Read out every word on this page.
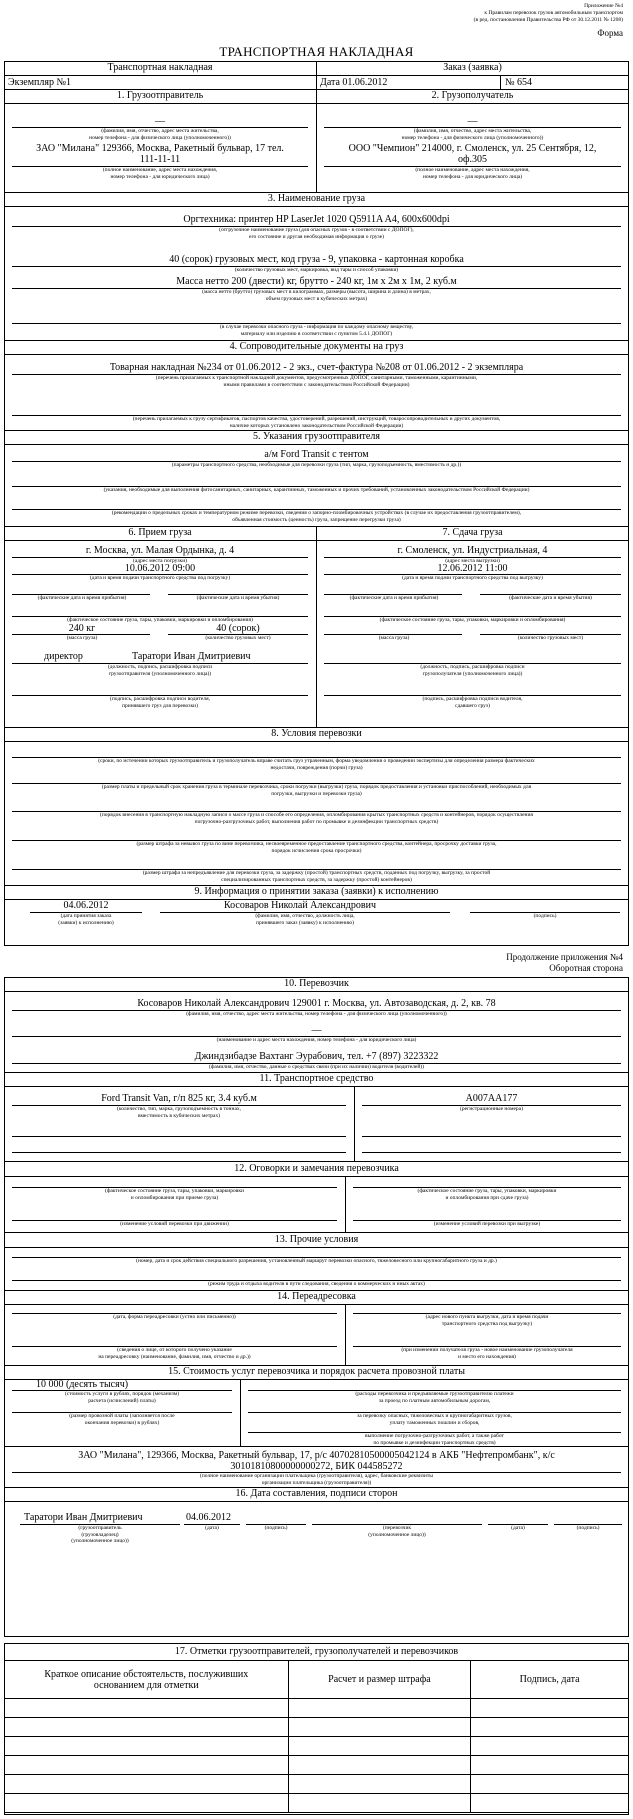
Приложение №4
к Правилам перевозок грузов автомобильным транспортом
(в ред. постановления Правительства РФ от 30.12.2011 № 1208)
Форма
ТРАНСПОРТНАЯ НАКЛАДНАЯ
Транспортная накладная	Заказ (заявка)
Экземпляр №1	Дата 01.06.2012	№ 654
1. Грузоотправитель	2. Грузополучатель
—
(фамилия, имя, отчество, адрес места жительства,
номер телефона - для физического лица (уполномоченного))
ЗАО "Милана" 129366, Москва, Ракетный бульвар, 17 тел.
111-11-11
(полное наименование, адрес места нахождения,
номер телефона - для юридического лица)
—
(фамилия, имя, отчество, адрес места жительства,
номер телефона - для физического лица (уполномоченного))
ООО "Чемпион" 214000, г. Смоленск, ул. 25 Сентября, 12,
оф.305
(полное наименование, адрес места нахождения,
номер телефона - для юридического лица)
3. Наименование груза
Оргтехника: принтер HP LaserJet 1020 Q5911A A4, 600x600dpi
(отгрузочное наименование груза (для опасных грузов - в соответствии с ДОПОГ),
его состояние и другая необходимая информация о грузе)
40 (сорок) грузовых мест, код груза - 9, упаковка - картонная коробка
(количество грузовых мест, маркировка, вид тары и способ упаковки)
Масса нетто 200 (двести) кг, брутто - 240 кг, 1м x 2м x 1м, 2 куб.м
(масса нетто (брутто) грузовых мест в килограммах, размеры (высота, ширина и длина) в метрах,
объем грузовых мест в кубических метрах)
(в случае перевозки опасного груза - информация по каждому опасному веществу,
материалу или изделию в соответствии с пунктом 5.4.1 ДОПОГ)
4. Сопроводительные документы на груз
Товарная накладная №234 от 01.06.2012 - 2 экз., счет-фактура №208 от 01.06.2012 - 2 экземпляра
(перечень прилагаемых к транспортной накладной документов, предусмотренных ДОПОГ, санитарными, таможенными, карантинными,
иными правилами в соответствии с законодательством Российской Федерации)
(перечень прилагаемых к грузу сертификатов, паспортов качества, удостоверений, разрешений, инструкций, товаросопроводительных и других документов,
наличие которых установлено законодательством Российской Федерации)
5. Указания грузоотправителя
а/м Ford Transit с тентом
(параметры транспортного средства, необходимые для перевозки груза (тип, марка, грузоподъемность, вместимость и др.))
(указания, необходимые для выполнения фитосанитарных, санитарных, карантинных, таможенных и прочих требований, установленных законодательством Российской Федерации)
(рекомендации о предельных сроках и температурном режиме перевозки, сведения о запорно-пломбировочных устройствах (в случае их предоставления грузоотправителем),
объявленная стоимость (ценность) груза, запрещение перегрузки груза)
6. Прием груза	7. Сдача груза
г. Москва, ул. Малая Ордынка, д. 4
(адрес места погрузки)
10.06.2012 09:00
(дата и время подачи транспортного средства под погрузку)
(фактические дата и время прибытия)	(фактические дата и время убытия)
(фактическое состояние груза, тары, упаковки, маркировки и опломбирования)
240 кг	40 (сорок)
(масса груза)	(количество грузовых мест)
директор	Таратори Иван Дмитриевич
(должность, подпись, расшифровка подписи
грузоотправителя (уполномоченного лица))
(подпись, расшифровка подписи водителя,
принявшего груз для перевозки)
г. Смоленск, ул. Индустриальная, 4
(адрес места выгрузки)
12.06.2012 11:00
(дата и время подачи транспортного средства под выгрузку)
(фактические дата и время прибытия)	(фактические дата и время убытия)
(фактическое состояние груза, тары, упаковки, маркировки и опломбирования)
(масса груза)	(количество грузовых мест)
(должность, подпись, расшифровка подписи
грузополучателя (уполномоченного лица))
(подпись, расшифровка подписи водителя,
сдавшего груз)
8. Условия перевозки
(сроки, по истечении которых грузоотправитель и грузополучатель вправе считать груз утраченным, форма уведомления о проведении экспертизы для определения размера фактических
недостачи, повреждения (порчи) груза)
(размер платы и предельный срок хранения груза в терминале перевозчика, сроки погрузки (выгрузки) груза, порядок предоставления и установки приспособлений, необходимых для
погрузки, выгрузки и перевозки груза)
(порядок внесения в транспортную накладную записи о массе груза и способе его определения, опломбирования крытых транспортных средств и контейнеров, порядок осуществления
погрузочно-разгрузочных работ, выполнения работ по промывке и дезинфекции транспортных средств)
(размер штрафа за невывоз груза по вине перевозчика, несвоевременное предоставление транспортного средства, контейнера, просрочку доставки груза,
порядок исчисления срока просрочки)
(размер штрафа за непредъявление для перевозки груза, за задержку (простой) транспортных средств, поданных под погрузку, выгрузку, за простой
специализированных транспортных средств, за задержку (простой) контейнеров)
9. Информация о принятии заказа (заявки) к исполнению
04.06.2012	Косоваров Николай Александрович
(дата принятия заказа
(заявки) к исполнению)
(фамилия, имя, отчество, должность лица,
принявшего заказ (заявку) к исполнению)
(подпись)
Продолжение приложения №4
Оборотная сторона
10. Перевозчик
Косоваров Николай Александрович 129001 г. Москва, ул. Автозаводская, д. 2, кв. 78
(фамилия, имя, отчество, адрес места жительства, номер телефона - для физического лица (уполномоченного))
—
(наименование и адрес места нахождения, номер телефона - для юридического лица)
Джиндзибадзе Вахтанг Эурабович, тел. +7 (897) 3223322
(фамилия, имя, отчество, данные о средствах связи (при их наличии) водителя (водителей))
11. Транспортное средство
Ford Transit Van, г/п 825 кг, 3.4 куб.м
(количество, тип, марка, грузоподъемность в тоннах,
вместимость в кубических метрах)
А007АА177
(регистрационные номера)
12. Оговорки и замечания перевозчика
(фактическое состояние груза, тары, упаковки, маркировки
и опломбирования при приеме груза)
(фактическое состояние груза, тары, упаковки, маркировки
и опломбирования при сдаче груза)
(изменение условий перевозки при движении)	(изменение условий перевозки при выгрузке)
13. Прочие условия
(номер, дата и срок действия специального разрешения, установленный маршрут перевозки опасного, тяжеловесного или крупногабаритного груза и др.)
(режим труда и отдыха водителя в пути следования, сведения о коммерческих и иных актах)
14. Переадресовка
(дата, форма переадресовки (устно или письменно))	(адрес нового пункта выгрузки, дата и время подачи
транспортного средства под выгрузку)
(сведения о лице, от которого получено указание
на переадресовку (наименование, фамилия, имя, отчество и др.))
(при изменении получателя груза - новое наименование грузополучателя
и место его нахождения)
15. Стоимость услуг перевозчика и порядок расчета провозной платы
10 000 (десять тысяч)
(стоимость услуги в рублях, порядок (механизм)
расчета (исчислений) платы)
(расходы перевозчика и предъявляемые грузоотправителю платежи
за проезд по платным автомобильным дорогам,
(размер провозной платы (заполняется после
окончания перевозки) в рублях)
за перевозку опасных, тяжеловесных и крупногабаритных грузов,
уплату таможенных пошлин и сборов,
выполнение погрузочно-разгрузочных работ, а также работ
по промывке и дезинфекции транспортных средств)
ЗАО "Милана", 129366, Москва, Ракетный бульвар, 17, р/с 40702810500005042124 в АКБ "Нефтепромбанк", к/с
30101810800000000272, БИК 044585272
(полное наименование организации плательщика (грузоотправителя), адрес, банковские реквизиты
организации плательщика (грузоотправителя))
16. Дата составления, подписи сторон
Таратори Иван Дмитриевич	04.06.2012
(грузоотправитель
(грузовладелец)
(уполномоченное лицо))
(дата)	(подпись)	(перевозчик
(уполномоченное лицо))
(дата)	(подпись)
17. Отметки грузоотправителей, грузополучателей и перевозчиков
Краткое описание обстоятельств, послуживших основанием для отметки	Расчет и размер штрафа	Подпись, дата
